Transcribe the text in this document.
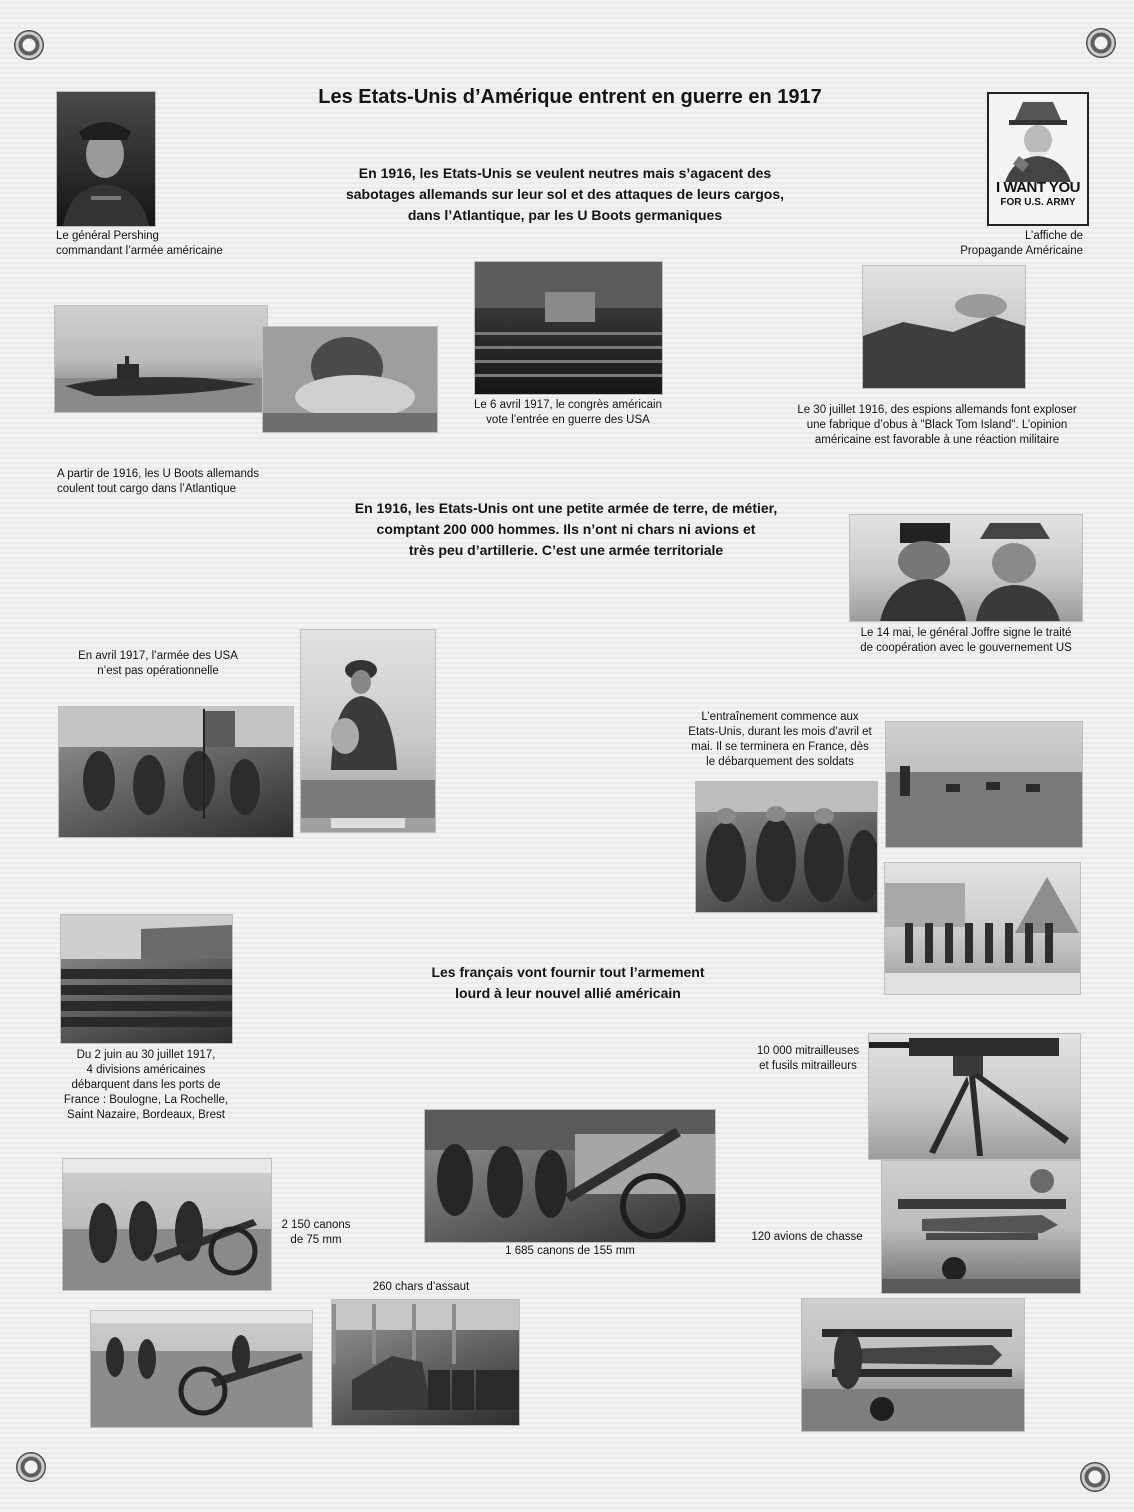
Les Etats-Unis d’Amérique entrent en guerre en 1917
Le général Pershing
commandant l’armée américaine
I WANT YOU
FOR U.S. ARMY
L’affiche de
Propagande Américaine
En 1916, les Etats-Unis se veulent neutres mais s’agacent des
sabotages allemands sur leur sol et des attaques de leurs cargos,
dans l’Atlantique, par les U Boots germaniques
A partir de 1916, les U Boots allemands
coulent tout cargo dans l’Atlantique
Le 6 avril 1917, le congrès américain
vote l’entrée en guerre des USA
Le 30 juillet 1916, des espions allemands font exploser
une fabrique d’obus à "Black Tom Island". L’opinion
américaine est favorable à une réaction militaire
En 1916, les Etats-Unis ont une petite armée de terre, de métier,
comptant 200 000 hommes. Ils n’ont ni chars ni avions et
très peu d’artillerie. C’est une armée territoriale
Le 14 mai, le général Joffre signe le traité
de coopération avec le gouvernement US
En avril 1917, l’armée des USA
n’est pas opérationnelle
L’entraînement commence aux
Etats-Unis, durant les mois d’avril et
mai. Il se terminera en France, dès
le débarquement des soldats
Du 2 juin au 30 juillet 1917,
4 divisions américaines
débarquent dans les ports de
France : Boulogne, La Rochelle,
Saint Nazaire, Bordeaux, Brest
Les français vont fournir tout l’armement
lourd à leur nouvel allié américain
10 000 mitrailleuses
et fusils mitrailleurs
1 685 canons de 155 mm
2 150 canons
de 75 mm	120 avions de chasse
260 chars d’assaut
